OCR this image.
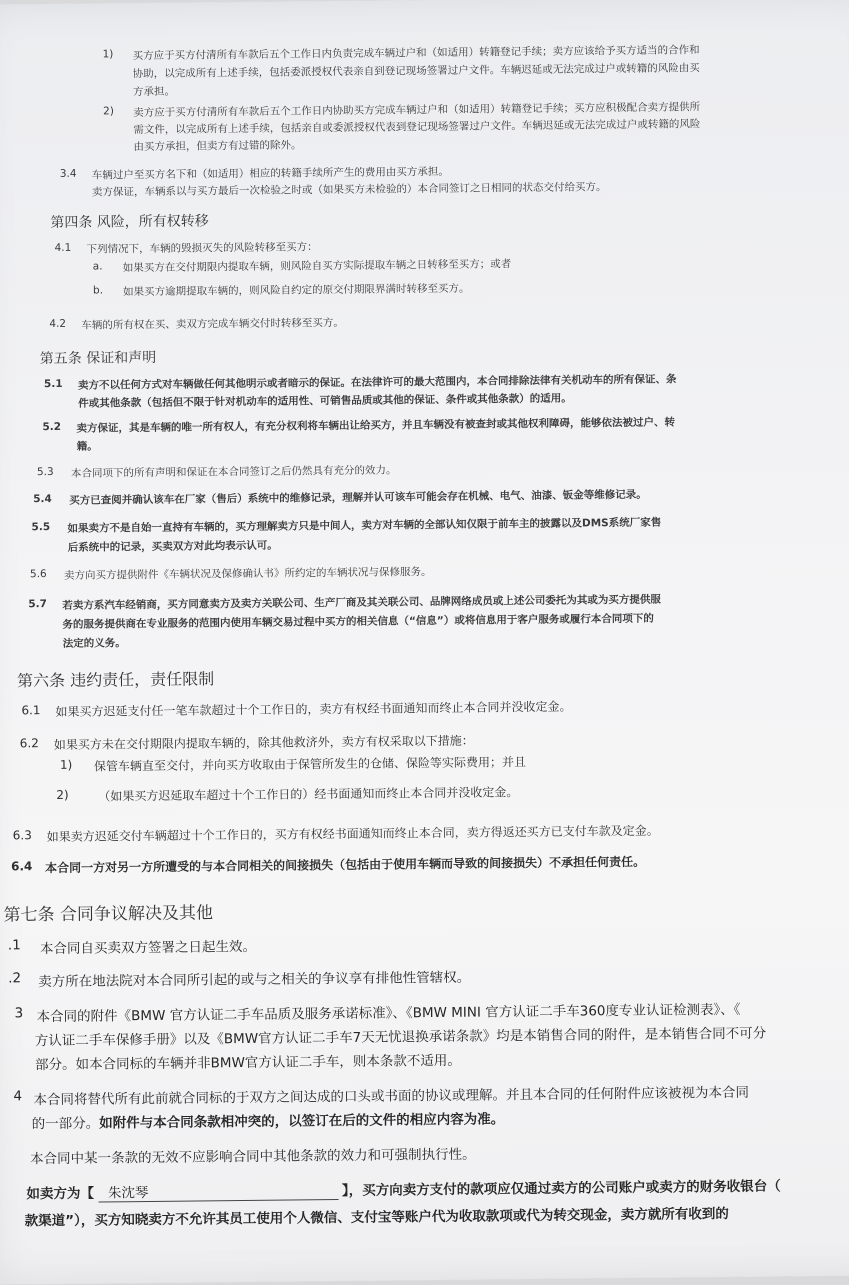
1) 买方应于买方付清所有车款后五个工作日内负责完成车辆过户和（如适用）转籍登记手续；卖方应该给予买方适当的合作和
协助，以完成所有上述手续，包括委派授权代表亲自到登记现场签署过户文件。车辆迟延或无法完成过户或转籍的风险由买
方承担。
2) 卖方应于买方付清所有车款后五个工作日内协助买方完成车辆过户和（如适用）转籍登记手续；买方应积极配合卖方提供所
需文件，以完成所有上述手续，包括亲自或委派授权代表到登记现场签署过户文件。车辆迟延或无法完成过户或转籍的风险
由买方承担，但卖方有过错的除外。
3.4 车辆过户至买方名下和（如适用）相应的转籍手续所产生的费用由买方承担。
卖方保证，车辆系以与买方最后一次检验之时或（如果买方未检验的）本合同签订之日相同的状态交付给买方。
第四条 风险，所有权转移
4.1 下列情况下，车辆的毁损灭失的风险转移至买方：
a. 如果买方在交付期限内提取车辆，则风险自买方实际提取车辆之日转移至买方；或者
b. 如果买方逾期提取车辆的，则风险自约定的原交付期限界满时转移至买方。
4.2 车辆的所有权在买、卖双方完成车辆交付时转移至买方。
第五条 保证和声明
5.1 卖方不以任何方式对车辆做任何其他明示或者暗示的保证。在法律许可的最大范围内，本合同排除法律有关机动车的所有保证、条
件或其他条款（包括但不限于针对机动车的适用性、可销售品质或其他的保证、条件或其他条款）的适用。
5.2 卖方保证，其是车辆的唯一所有权人，有充分权利将车辆出让给买方，并且车辆没有被查封或其他权利障碍，能够依法被过户、转
籍。
5.3 本合同项下的所有声明和保证在本合同签订之后仍然具有充分的效力。
5.4 买方已查阅并确认该车在厂家（售后）系统中的维修记录，理解并认可该车可能会存在机械、电气、油漆、钣金等维修记录。
5.5 如果卖方不是自始一直持有车辆的，买方理解卖方只是中间人，卖方对车辆的全部认知仅限于前车主的披露以及DMS系统厂家售
后系统中的记录，买卖双方对此均表示认可。
5.6 卖方向买方提供附件《车辆状况及保修确认书》所约定的车辆状况与保修服务。
5.7 若卖方系汽车经销商，买方同意卖方及卖方关联公司、生产厂商及其关联公司、品牌网络成员或上述公司委托为其或为买方提供服
务的服务提供商在专业服务的范围内使用车辆交易过程中买方的相关信息（“信息”）或将信息用于客户服务或履行本合同项下的
法定的义务。
第六条 违约责任，责任限制
6.1 如果买方迟延支付任一笔车款超过十个工作日的，卖方有权经书面通知而终止本合同并没收定金。
6.2 如果买方未在交付期限内提取车辆的，除其他救济外，卖方有权采取以下措施：
1) 保管车辆直至交付，并向买方收取由于保管所发生的仓储、保险等实际费用；并且
2) （如果买方迟延取车超过十个工作日的）经书面通知而终止本合同并没收定金。
6.3 如果卖方迟延交付车辆超过十个工作日的，买方有权经书面通知而终止本合同，卖方得返还买方已支付车款及定金。
6.4 本合同一方对另一方所遭受的与本合同相关的间接损失（包括由于使用车辆而导致的间接损失）不承担任何责任。
第七条 合同争议解决及其他
.1 本合同自买卖双方签署之日起生效。
.2 卖方所在地法院对本合同所引起的或与之相关的争议享有排他性管辖权。
3 本合同的附件《BMW 官方认证二手车品质及服务承诺标准》、《BMW MINI 官方认证二手车360度专业认证检测表》、《
方认证二手车保修手册》以及《BMW官方认证二手车7天无忧退换承诺条款》均是本销售合同的附件，是本销售合同不可分
部分。如本合同标的车辆并非BMW官方认证二手车，则本条款不适用。
4 本合同将替代所有此前就合同标的于双方之间达成的口头或书面的协议或理解。并且本合同的任何附件应该被视为本合同
的一部分。如附件与本合同条款相冲突的，以签订在后的文件的相应内容为准。
本合同中某一条款的无效不应影响合同中其他条款的效力和可强制执行性。
如卖方为【 朱沈琴	】，买方向卖方支付的款项应仅通过卖方的公司账户或卖方的财务收银台（
款渠道”），买方知晓卖方不允许其员工使用个人微信、支付宝等账户代为收取款项或代为转交现金，卖方就所有收到的
